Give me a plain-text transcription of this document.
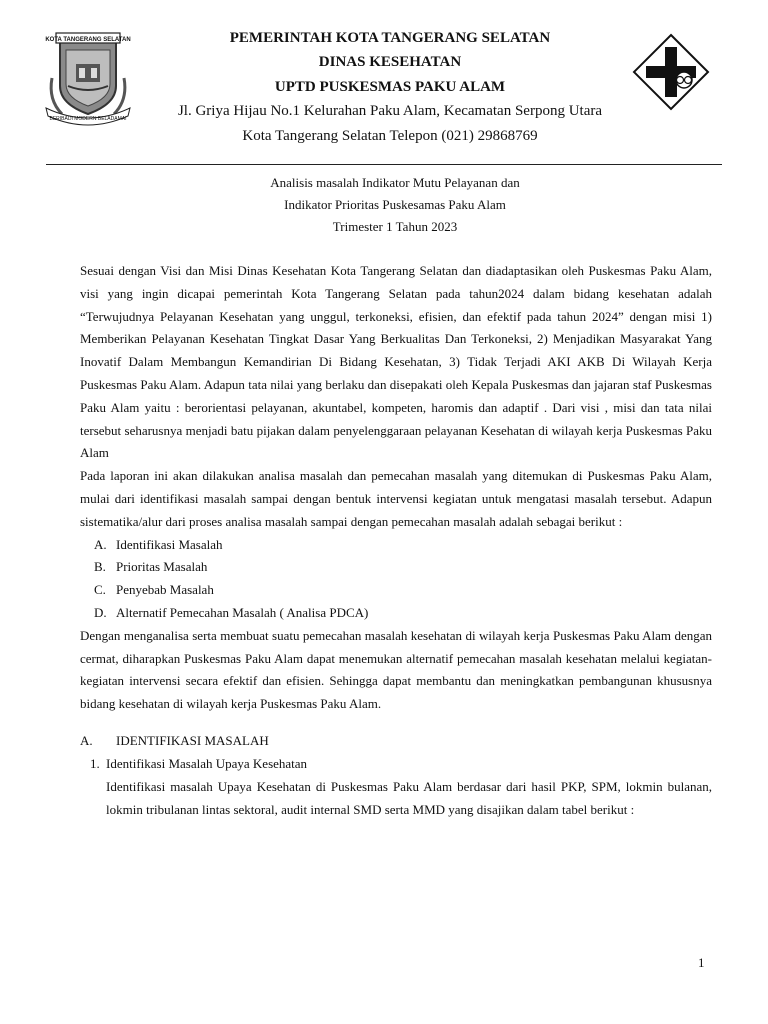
KOTA TANGERANG SELATAN
BERIBADI MODERN BELADAMAI
PEMERINTAH KOTA TANGERANG SELATAN
DINAS KESEHATAN
UPTD PUSKESMAS PAKU ALAM
Jl. Griya Hijau No.1 Kelurahan Paku Alam, Kecamatan Serpong Utara
Kota Tangerang Selatan Telepon (021) 29868769
Analisis masalah Indikator Mutu Pelayanan dan
Indikator Prioritas Puskesamas Paku Alam
Trimester 1 Tahun 2023

Sesuai dengan Visi dan Misi Dinas Kesehatan Kota Tangerang Selatan dan diadaptasikan oleh Puskesmas Paku Alam, visi yang ingin dicapai pemerintah Kota Tangerang Selatan pada tahun2024 dalam bidang kesehatan adalah “Terwujudnya Pelayanan Kesehatan yang unggul, terkoneksi, efisien, dan efektif pada tahun 2024” dengan misi 1) Memberikan Pelayanan Kesehatan Tingkat Dasar Yang Berkualitas Dan Terkoneksi, 2) Menjadikan Masyarakat Yang Inovatif Dalam Membangun Kemandirian Di Bidang Kesehatan, 3) Tidak Terjadi AKI AKB Di Wilayah Kerja Puskesmas Paku Alam. Adapun tata nilai yang berlaku dan disepakati oleh Kepala Puskesmas dan jajaran staf Puskesmas Paku Alam yaitu : berorientasi pelayanan, akuntabel, kompeten, haromis dan adaptif . Dari visi , misi dan tata nilai tersebut seharusnya menjadi batu pijakan dalam penyelenggaraan pelayanan Kesehatan di wilayah kerja Puskesmas Paku Alam

Pada laporan ini akan dilakukan analisa masalah dan pemecahan masalah yang ditemukan di Puskesmas Paku Alam, mulai dari identifikasi masalah sampai dengan bentuk intervensi kegiatan untuk mengatasi masalah tersebut. Adapun sistematika/alur dari proses analisa masalah sampai dengan pemecahan masalah adalah sebagai berikut :

A. Identifikasi Masalah
B. Prioritas Masalah
C. Penyebab Masalah
D. Alternatif Pemecahan Masalah ( Analisa PDCA)

Dengan menganalisa serta membuat suatu pemecahan masalah kesehatan di wilayah kerja Puskesmas Paku Alam dengan cermat, diharapkan Puskesmas Paku Alam dapat menemukan alternatif pemecahan masalah kesehatan melalui kegiatan-kegiatan intervensi secara efektif dan efisien. Sehingga dapat membantu dan meningkatkan pembangunan khususnya bidang kesehatan di wilayah kerja Puskesmas Paku Alam.

A. IDENTIFIKASI MASALAH

1. Identifikasi Masalah Upaya Kesehatan

Identifikasi masalah Upaya Kesehatan di Puskesmas Paku Alam berdasar dari hasil PKP, SPM, lokmin bulanan, lokmin tribulanan lintas sektoral, audit internal SMD serta MMD yang disajikan dalam tabel berikut :

1
